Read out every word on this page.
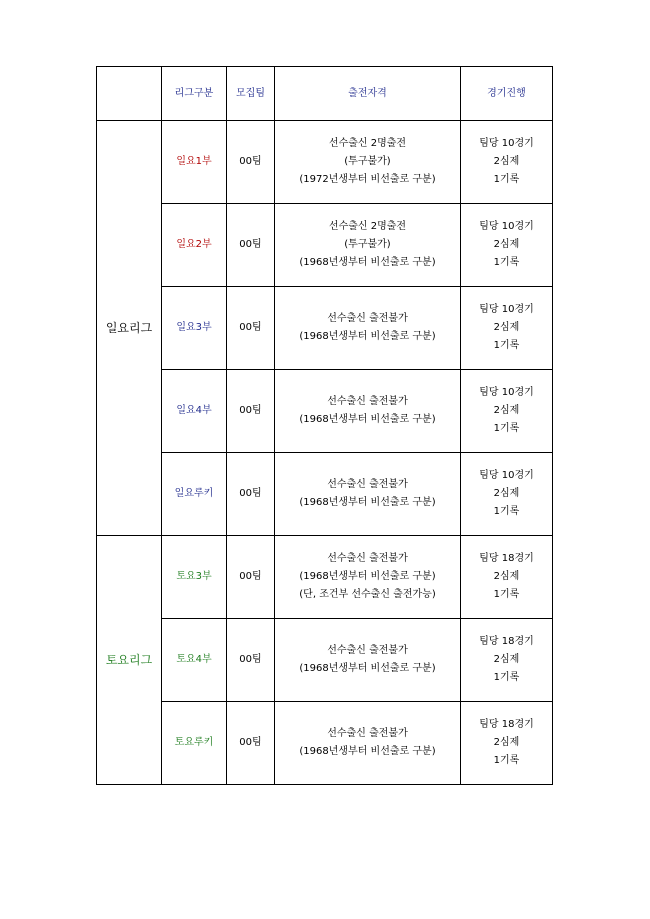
	리그구분	모집팀	출전자격	경기진행
일요리그	일요1부	00팀	선수출신 2명출전
(투구불가)
(1972년생부터 비선출로 구분)	팀당 10경기
2심제
1기록

	일요2부	00팀	선수출신 2명출전
(투구불가)
(1968년생부터 비선출로 구분)	팀당 10경기
2심제
1기록

	일요3부	00팀	선수출신 출전불가
(1968년생부터 비선출로 구분)	팀당 10경기
2심제
1기록

	일요4부	00팀	선수출신 출전불가
(1968년생부터 비선출로 구분)	팀당 10경기
2심제
1기록

	일요루키	00팀	선수출신 출전불가
(1968년생부터 비선출로 구분)	팀당 10경기
2심제
1기록

토요리그	토요3부	00팀	선수출신 출전불가
(1968년생부터 비선출로 구분)
(단, 조건부 선수출신 출전가능)	팀당 18경기
2심제
1기록

	토요4부	00팀	선수출신 출전불가
(1968년생부터 비선출로 구분)	팀당 18경기
2심제
1기록

	토요루키	00팀	선수출신 출전불가
(1968년생부터 비선출로 구분)	팀당 18경기
2심제
1기록
